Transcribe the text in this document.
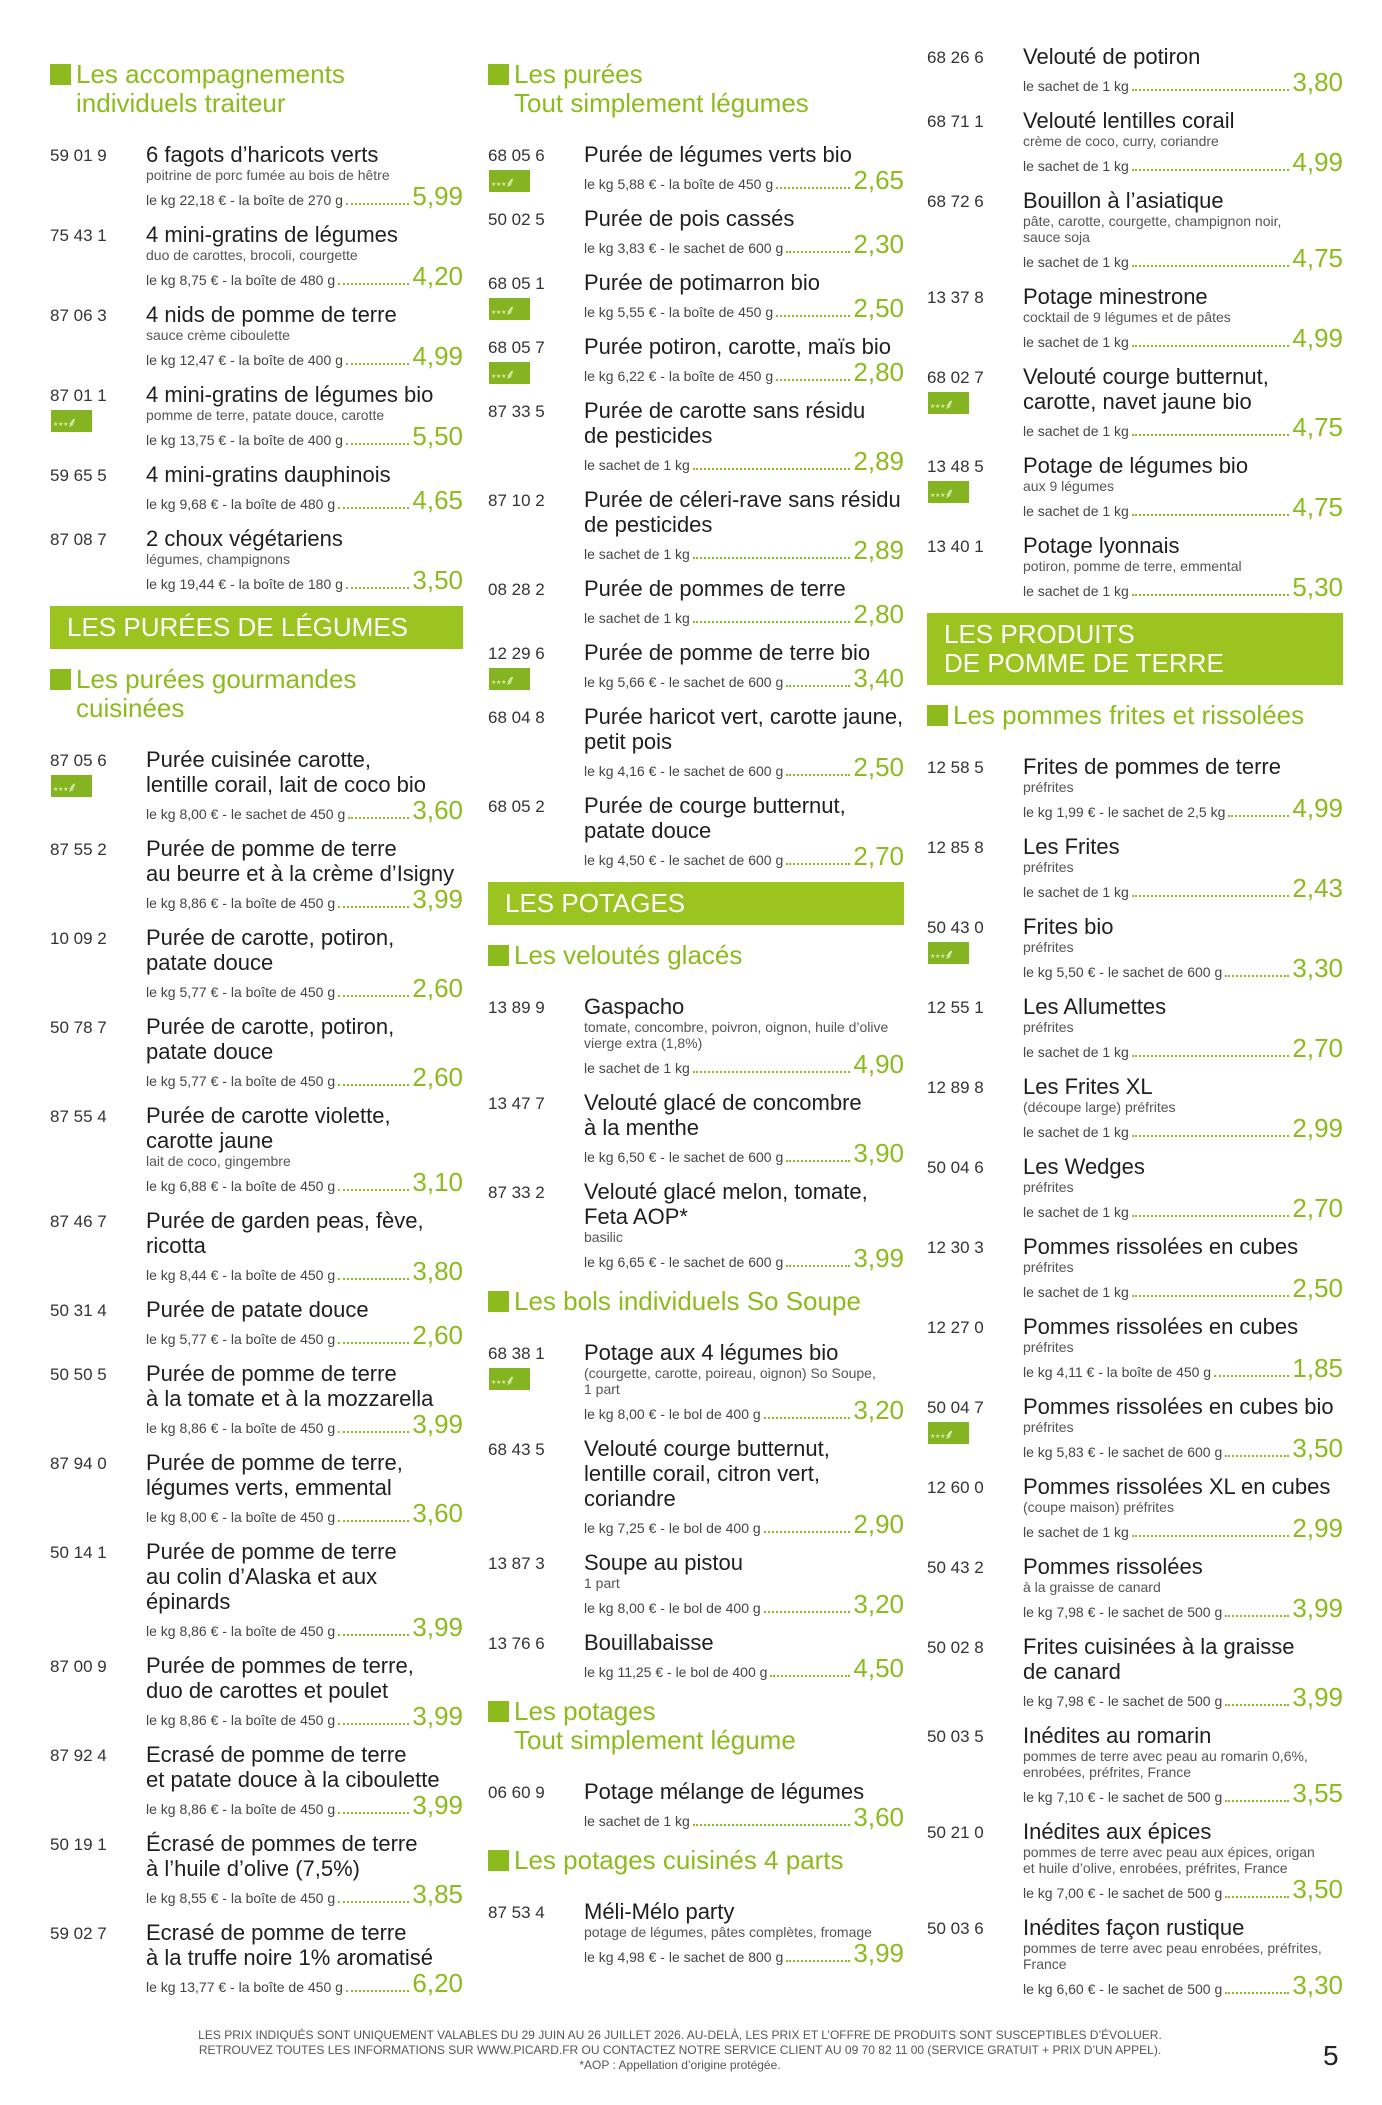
Les accompagnements
individuels traiteur
59 01 9	6 fagots d’haricots verts
poitrine de porc fumée au bois de hêtre
le kg 22,18 € - la boîte de 270 g	5,99
75 43 1	4 mini-gratins de légumes
duo de carottes, brocoli, courgette
le kg 8,75 € - la boîte de 480 g	4,20
87 06 3	4 nids de pomme de terre
sauce crème ciboulette
le kg 12,47 € - la boîte de 400 g	4,99
87 01 1
★ ★ ★ ⸙	4 mini-gratins de légumes bio
pomme de terre, patate douce, carotte
le kg 13,75 € - la boîte de 400 g	5,50
59 65 5	4 mini-gratins dauphinois
le kg 9,68 € - la boîte de 480 g	4,65
87 08 7	2 choux végétariens
légumes, champignons
le kg 19,44 € - la boîte de 180 g	3,50
LES PURÉES DE LÉGUMES
Les purées gourmandes
cuisinées
87 05 6
★ ★ ★ ⸙	Purée cuisinée carotte,
lentille corail, lait de coco bio
le kg 8,00 € - le sachet de 450 g	3,60
87 55 2	Purée de pomme de terre
au beurre et à la crème d’Isigny
le kg 8,86 € - la boîte de 450 g	3,99
10 09 2	Purée de carotte, potiron,
patate douce
le kg 5,77 € - la boîte de 450 g	2,60
50 78 7	Purée de carotte, potiron,
patate douce
le kg 5,77 € - la boîte de 450 g	2,60
87 55 4	Purée de carotte violette,
carotte jaune
lait de coco, gingembre
le kg 6,88 € - la boîte de 450 g	3,10
87 46 7	Purée de garden peas, fève, ricotta
le kg 8,44 € - la boîte de 450 g	3,80
50 31 4	Purée de patate douce
le kg 5,77 € - la boîte de 450 g	2,60
50 50 5	Purée de pomme de terre
à la tomate et à la mozzarella
le kg 8,86 € - la boîte de 450 g	3,99
87 94 0	Purée de pomme de terre,
légumes verts, emmental
le kg 8,00 € - la boîte de 450 g	3,60
50 14 1	Purée de pomme de terre
au colin d’Alaska et aux épinards
le kg 8,86 € - la boîte de 450 g	3,99
87 00 9	Purée de pommes de terre,
duo de carottes et poulet
le kg 8,86 € - la boîte de 450 g	3,99
87 92 4	Ecrasé de pomme de terre
et patate douce à la ciboulette
le kg 8,86 € - la boîte de 450 g	3,99
50 19 1	Écrasé de pommes de terre
à l’huile d’olive (7,5%)
le kg 8,55 € - la boîte de 450 g	3,85
59 02 7	Ecrasé de pomme de terre
à la truffe noire 1% aromatisé
le kg 13,77 € - la boîte de 450 g	6,20
Les purées
Tout simplement légumes
68 05 6
★ ★ ★ ⸙	Purée de légumes verts bio
le kg 5,88 € - la boîte de 450 g	2,65
50 02 5	Purée de pois cassés
le kg 3,83 € - le sachet de 600 g	2,30
68 05 1
★ ★ ★ ⸙	Purée de potimarron bio
le kg 5,55 € - la boîte de 450 g	2,50
68 05 7
★ ★ ★ ⸙	Purée potiron, carotte, maïs bio
le kg 6,22 € - la boîte de 450 g	2,80
87 33 5	Purée de carotte sans résidu
de pesticides
le sachet de 1 kg	2,89
87 10 2	Purée de céleri-rave sans résidu
de pesticides
le sachet de 1 kg	2,89
08 28 2	Purée de pommes de terre
le sachet de 1 kg	2,80
12 29 6
★ ★ ★ ⸙	Purée de pomme de terre bio
le kg 5,66 € - le sachet de 600 g	3,40
68 04 8	Purée haricot vert, carotte jaune,
petit pois
le kg 4,16 € - le sachet de 600 g	2,50
68 05 2	Purée de courge butternut,
patate douce
le kg 4,50 € - le sachet de 600 g	2,70
LES POTAGES
Les veloutés glacés
13 89 9	Gaspacho
tomate, concombre, poivron, oignon, huile d’olive
vierge extra (1,8%)
le sachet de 1 kg	4,90
13 47 7	Velouté glacé de concombre
à la menthe
le kg 6,50 € - le sachet de 600 g	3,90
87 33 2	Velouté glacé melon, tomate,
Feta AOP*
basilic
le kg 6,65 € - le sachet de 600 g	3,99
Les bols individuels So Soupe
68 38 1
★ ★ ★ ⸙	Potage aux 4 légumes bio
(courgette, carotte, poireau, oignon) So Soupe,
1 part
le kg 8,00 € - le bol de 400 g	3,20
68 43 5	Velouté courge butternut,
lentille corail, citron vert,
coriandre
le kg 7,25 € - le bol de 400 g	2,90
13 87 3	Soupe au pistou
1 part
le kg 8,00 € - le bol de 400 g	3,20
13 76 6	Bouillabaisse
le kg 11,25 € - le bol de 400 g	4,50
Les potages
Tout simplement légume
06 60 9	Potage mélange de légumes
le sachet de 1 kg	3,60
Les potages cuisinés 4 parts
87 53 4	Méli-Mélo party
potage de légumes, pâtes complètes, fromage
le kg 4,98 € - le sachet de 800 g	3,99
68 26 6	Velouté de potiron
le sachet de 1 kg	3,80
68 71 1	Velouté lentilles corail
crème de coco, curry, coriandre
le sachet de 1 kg	4,99
68 72 6	Bouillon à l’asiatique
pâte, carotte, courgette, champignon noir,
sauce soja
le sachet de 1 kg	4,75
13 37 8	Potage minestrone
cocktail de 9 légumes et de pâtes
le sachet de 1 kg	4,99
68 02 7
★ ★ ★ ⸙	Velouté courge butternut,
carotte, navet jaune bio
le sachet de 1 kg	4,75
13 48 5
★ ★ ★ ⸙	Potage de légumes bio
aux 9 légumes
le sachet de 1 kg	4,75
13 40 1	Potage lyonnais
potiron, pomme de terre, emmental
le sachet de 1 kg	5,30
LES PRODUITS
DE POMME DE TERRE
Les pommes frites et rissolées
12 58 5	Frites de pommes de terre
préfrites
le kg 1,99 € - le sachet de 2,5 kg	4,99
12 85 8	Les Frites
préfrites
le sachet de 1 kg	2,43
50 43 0
★ ★ ★ ⸙	Frites bio
préfrites
le kg 5,50 € - le sachet de 600 g	3,30
12 55 1	Les Allumettes
préfrites
le sachet de 1 kg	2,70
12 89 8	Les Frites XL
(découpe large) préfrites
le sachet de 1 kg	2,99
50 04 6	Les Wedges
préfrites
le sachet de 1 kg	2,70
12 30 3	Pommes rissolées en cubes
préfrites
le sachet de 1 kg	2,50
12 27 0	Pommes rissolées en cubes
préfrites
le kg 4,11 € - la boîte de 450 g	1,85
50 04 7
★ ★ ★ ⸙	Pommes rissolées en cubes bio
préfrites
le kg 5,83 € - le sachet de 600 g	3,50
12 60 0	Pommes rissolées XL en cubes
(coupe maison) préfrites
le sachet de 1 kg	2,99
50 43 2	Pommes rissolées
à la graisse de canard
le kg 7,98 € - le sachet de 500 g	3,99
50 02 8	Frites cuisinées à la graisse
de canard
le kg 7,98 € - le sachet de 500 g	3,99
50 03 5	Inédites au romarin
pommes de terre avec peau au romarin 0,6%,
enrobées, préfrites, France
le kg 7,10 € - le sachet de 500 g	3,55
50 21 0	Inédites aux épices
pommes de terre avec peau aux épices, origan
et huile d’olive, enrobées, préfrites, France
le kg 7,00 € - le sachet de 500 g	3,50
50 03 6	Inédites façon rustique
pommes de terre avec peau enrobées, préfrites,
France
le kg 6,60 € - le sachet de 500 g	3,30
LES PRIX INDIQUÉS SONT UNIQUEMENT VALABLES DU 29 JUIN AU 26 JUILLET 2026. AU-DELÀ, LES PRIX ET L’OFFRE DE PRODUITS SONT SUSCEPTIBLES D’ÉVOLUER.
RETROUVEZ TOUTES LES INFORMATIONS SUR WWW.PICARD.FR OU CONTACTEZ NOTRE SERVICE CLIENT AU 09 70 82 11 00 (SERVICE GRATUIT + PRIX D’UN APPEL).
*AOP : Appellation d’origine protégée.	5
